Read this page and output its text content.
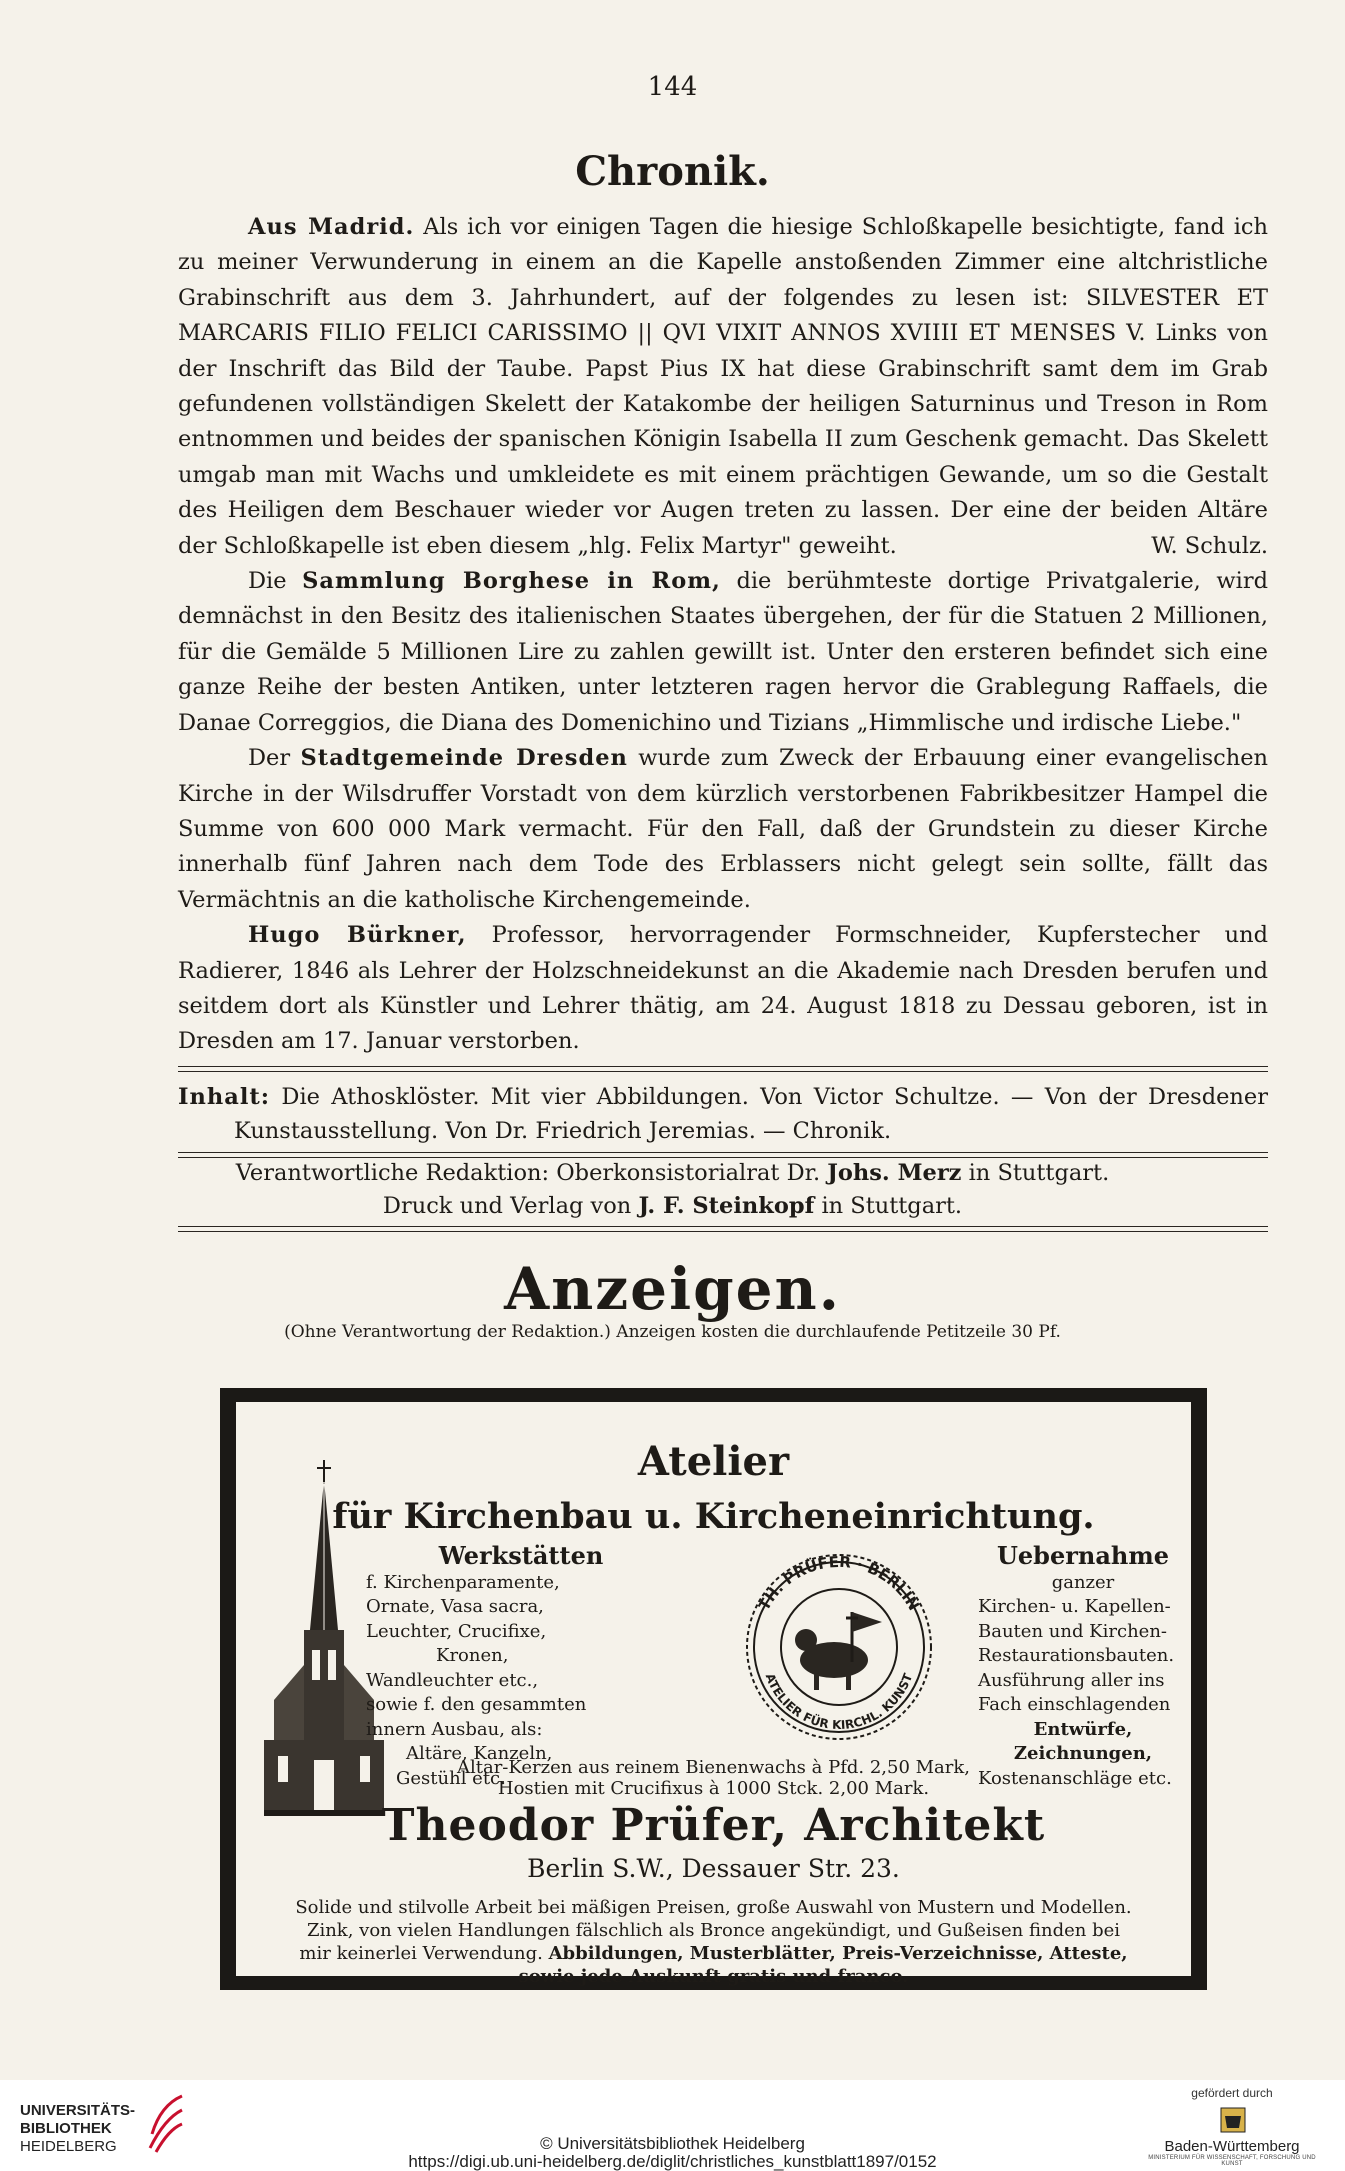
144
Chronik.

Aus Madrid. Als ich vor einigen Tagen die hiesige Schloßkapelle besichtigte, fand ich zu meiner Verwunderung in einem an die Kapelle anstoßenden Zimmer eine altchristliche Grabinschrift aus dem 3. Jahrhundert, auf der folgendes zu lesen ist: SILVESTER ET MARCARIS FILIO FELICI CARISSIMO || QVI VIXIT ANNOS XVIIII ET MENSES V. Links von der Inschrift das Bild der Taube. Papst Pius IX hat diese Grabinschrift samt dem im Grab gefundenen vollständigen Skelett der Katakombe der heiligen Saturninus und Treson in Rom entnommen und beides der spanischen Königin Isabella II zum Geschenk gemacht. Das Skelett umgab man mit Wachs und umkleidete es mit einem prächtigen Gewande, um so die Gestalt des Heiligen dem Beschauer wieder vor Augen treten zu lassen. Der eine der beiden Altäre der Schloßkapelle ist eben diesem „hlg. Felix Martyr" geweiht.	W. Schulz.

Die Sammlung Borghese in Rom, die berühmteste dortige Privatgalerie, wird demnächst in den Besitz des italienischen Staates übergehen, der für die Statuen 2 Millionen, für die Gemälde 5 Millionen Lire zu zahlen gewillt ist. Unter den ersteren befindet sich eine ganze Reihe der besten Antiken, unter letzteren ragen hervor die Grablegung Raffaels, die Danae Correggios, die Diana des Domenichino und Tizians „Himmlische und irdische Liebe."

Der Stadtgemeinde Dresden wurde zum Zweck der Erbauung einer evangelischen Kirche in der Wilsdruffer Vorstadt von dem kürzlich verstorbenen Fabrikbesitzer Hampel die Summe von 600 000 Mark vermacht. Für den Fall, daß der Grundstein zu dieser Kirche innerhalb fünf Jahren nach dem Tode des Erblassers nicht gelegt sein sollte, fällt das Vermächtnis an die katholische Kirchengemeinde.

Hugo Bürkner, Professor, hervorragender Formschneider, Kupferstecher und Radierer, 1846 als Lehrer der Holzschneidekunst an die Akademie nach Dresden berufen und seitdem dort als Künstler und Lehrer thätig, am 24. August 1818 zu Dessau geboren, ist in Dresden am 17. Januar verstorben.

Inhalt: Die Athosklöster. Mit vier Abbildungen. Von Victor Schultze. — Von der Dresdener Kunstausstellung. Von Dr. Friedrich Jeremias. — Chronik.
Verantwortliche Redaktion: Oberkonsistorialrat Dr. Johs. Merz in Stuttgart.
Druck und Verlag von J. F. Steinkopf in Stuttgart.
Anzeigen.
(Ohne Verantwortung der Redaktion.) Anzeigen kosten die durchlaufende Petitzeile 30 Pf.
Atelier
für Kirchenbau u. Kircheneinrichtung.
Werkstätten
f. Kirchenparamente,
Ornate, Vasa sacra,
Leuchter, Crucifixe,
Kronen,
Wandleuchter etc.,
sowie f. den gesammten
innern Ausbau, als:
Altäre, Kanzeln,
Gestühl etc.
TH. PRÜFER · BERLIN
ATELIER FÜR KIRCHL. KUNST
Uebernahme
ganzer
Kirchen- u. Kapellen-
Bauten und Kirchen-
Restaurationsbauten.
Ausführung aller ins
Fach einschlagenden
Entwürfe,
Zeichnungen,
Kostenanschläge etc.
Altar-Kerzen aus reinem Bienenwachs à Pfd. 2,50 Mark,
Hostien mit Crucifixus à 1000 Stck. 2,00 Mark.
Theodor Prüfer, Architekt
Berlin S.W., Dessauer Str. 23.
Solide und stilvolle Arbeit bei mäßigen Preisen, große Auswahl von Mustern und Modellen.
Zink, von vielen Handlungen fälschlich als Bronce angekündigt, und Gußeisen finden bei
mir keinerlei Verwendung. Abbildungen, Musterblätter, Preis-Verzeichnisse, Atteste,
sowie jede Auskunft gratis und franco.
UNIVERSITÄTS-
BIBLIOTHEK
HEIDELBERG	© Universitätsbibliothek Heidelberg
https://digi.ub.uni-heidelberg.de/diglit/christliches_kunstblatt1897/0152
gefördert durch
Baden-Württemberg
MINISTERIUM FÜR WISSENSCHAFT, FORSCHUNG UND KUNST
